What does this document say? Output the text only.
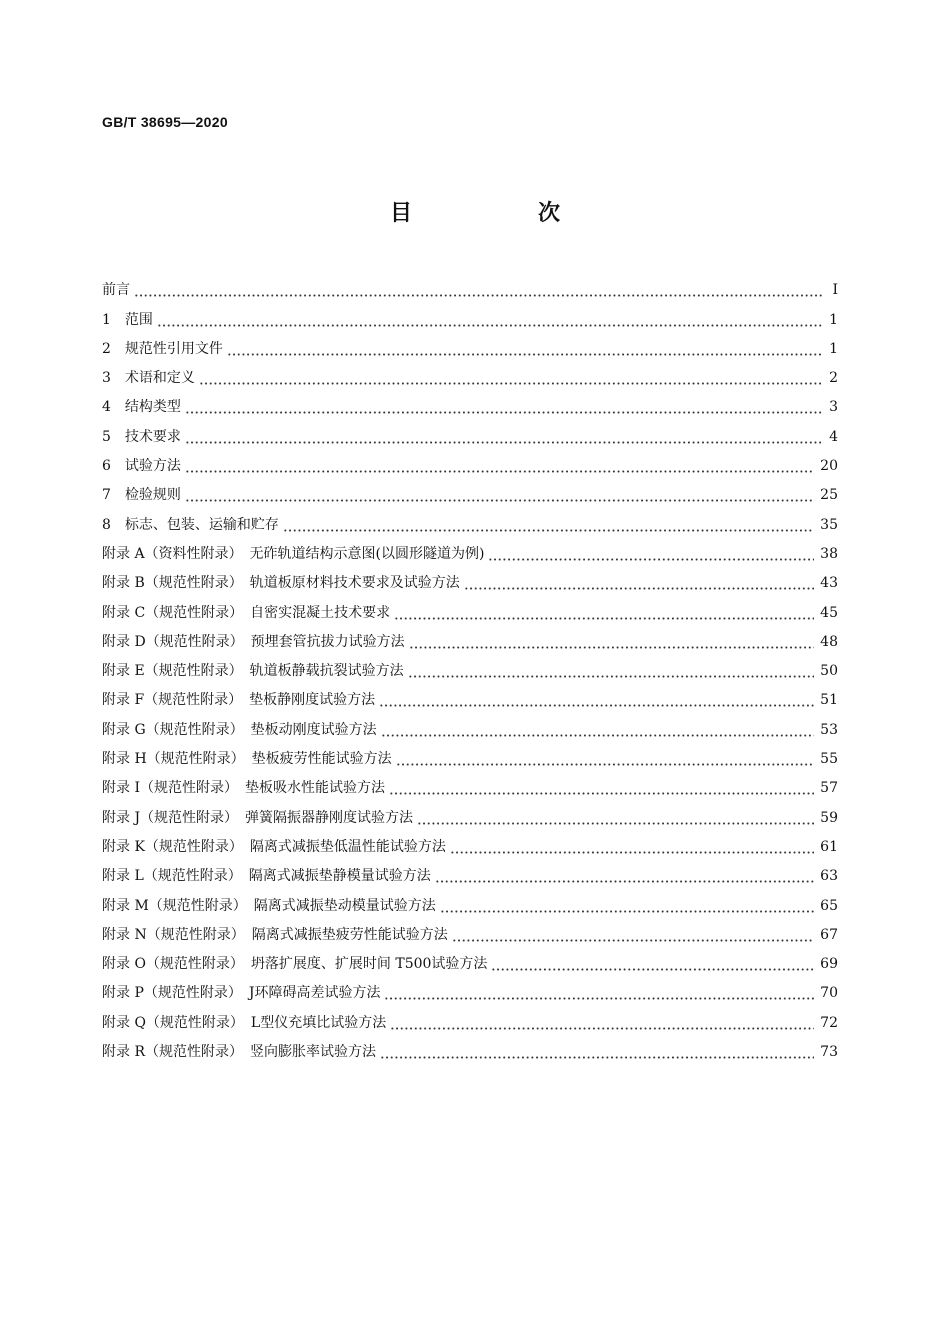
GB/T 38695—2020
目　次
前言	Ⅰ
1　范围	1
2　规范性引用文件	1
3　术语和定义	2
4　结构类型	3
5　技术要求	4
6　试验方法	20
7　检验规则	25
8　标志、包装、运输和贮存	35
附录 A（资料性附录）　无砟轨道结构示意图(以圆形隧道为例)	38
附录 B（规范性附录）　轨道板原材料技术要求及试验方法	43
附录 C（规范性附录）　自密实混凝土技术要求	45
附录 D（规范性附录）　预埋套管抗拔力试验方法	48
附录 E（规范性附录）　轨道板静载抗裂试验方法	50
附录 F（规范性附录）　垫板静刚度试验方法	51
附录 G（规范性附录）　垫板动刚度试验方法	53
附录 H（规范性附录）　垫板疲劳性能试验方法	55
附录 I（规范性附录）　垫板吸水性能试验方法	57
附录 J（规范性附录）　弹簧隔振器静刚度试验方法	59
附录 K（规范性附录）　隔离式减振垫低温性能试验方法	61
附录 L（规范性附录）　隔离式减振垫静模量试验方法	63
附录 M（规范性附录）　隔离式减振垫动模量试验方法	65
附录 N（规范性附录）　隔离式减振垫疲劳性能试验方法	67
附录 O（规范性附录）　坍落扩展度、扩展时间 T500试验方法	69
附录 P（规范性附录）　J环障碍高差试验方法	70
附录 Q（规范性附录）　L型仪充填比试验方法	72
附录 R（规范性附录）　竖向膨胀率试验方法	73
